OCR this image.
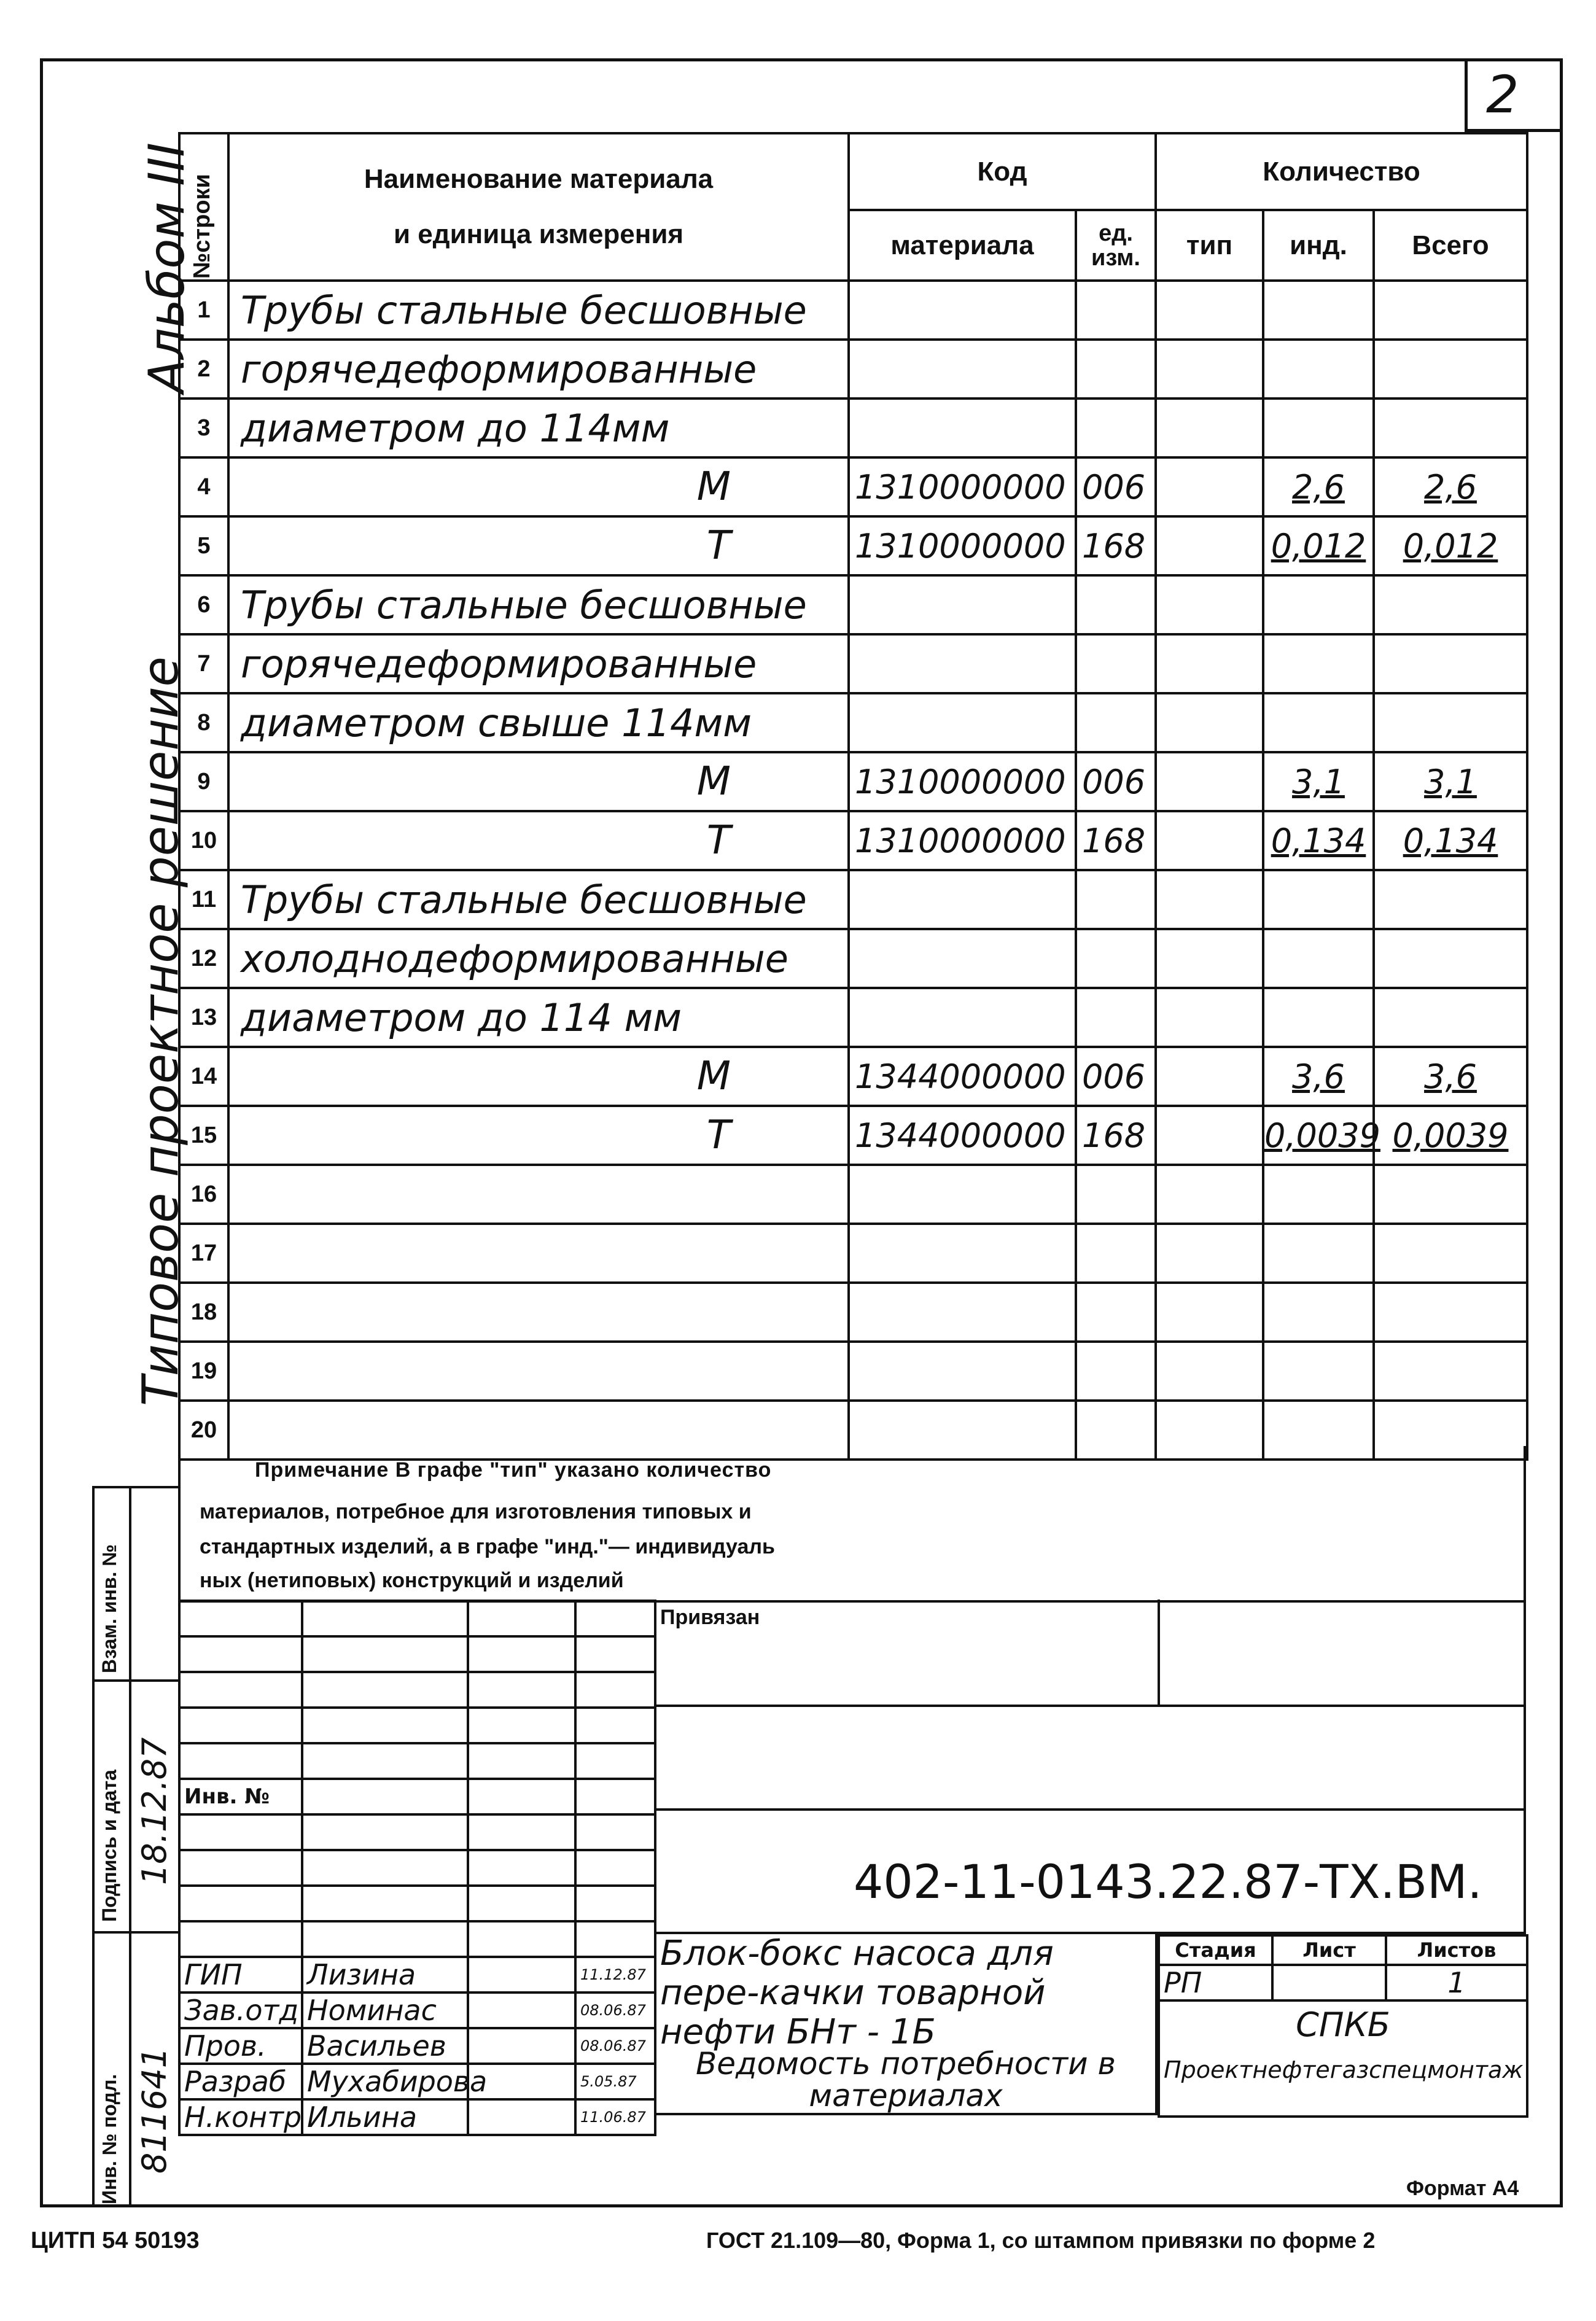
2
Альбом III
Типовое проектное решение
№строки	Наименование материала
и единица измерения	Код		Количество		
		материала	ед. изм.	тип	инд.	Всего
1	Трубы стальные бесшовные					
2	горячедеформированные					
3	диаметром до 114мм					
4	М	1310000000	006		2,6	2,6
5	Т	1310000000	168		0,012	0,012
6	Трубы стальные бесшовные					
7	горячедеформированные					
8	диаметром свыше 114мм					
9	М	1310000000	006		3,1	3,1
10	Т	1310000000	168		0,134	0,134
11	Трубы стальные бесшовные					
12	холоднодеформированные					
13	диаметром до 114 мм					
14	М	1344000000	006		3,6	3,6
15	Т	1344000000	168		0,0039	0,0039
16						
17						
18						
19						
20						
Примечание В графе "тип" указано количество
материалов, потребное для изготовления типовых и
стандартных изделий, а в графе "инд."— индивидуаль
ных (нетиповых) конструкций и изделий
Взам. инв. №
Подпись и дата 18.12.87
Инв. № подл. 811641

Инв. №			

ГИП	Лизина		11.12.87
Зав.отд	Номинас		08.06.87
Пров.	Васильев		08.06.87
Разраб	Мухабирова		5.05.87
Н.контр	Ильина		11.06.87
Привязан
402-11-0143.22.87-ТХ.ВМ.
Блок-бокс насоса для пере-качки товарной нефти БНт - 1Б
Ведомость потребности в материалах
Стадия	Лист	Листов
РП		1

СПКБ
Проектнефтегазспецмонтаж		
Формат А4
ЦИТП 54 50193	ГОСТ 21.109—80, Форма 1, со штампом привязки по форме 2
